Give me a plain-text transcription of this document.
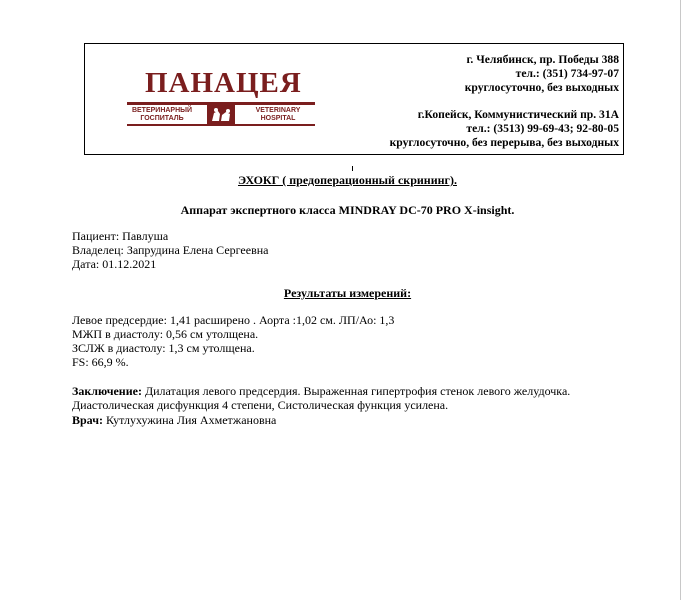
ПАНАЦЕЯ
ВЕТЕРИНАРНЫЙ
ГОСПИТАЛЬ
VETERINARY
HOSPITAL
г. Челябинск, пр. Победы 388
тел.: (351) 734-97-07
круглосуточно, без выходных
г.Копейск, Коммунистический пр. 31А
тел.: (3513) 99-69-43; 92-80-05
круглосуточно, без перерыва, без выходных
ЭХОКГ ( предоперационный скрининг).
Аппарат экспертного класса MINDRAY DC-70 PRO X-insight.
Пациент: Павлуша
Владелец: Запрудина Елена Сергеевна
Дата: 01.12.2021
Результаты измерений:
Левое предсердие: 1,41 расширено . Аорта :1,02 см. ЛП/Ао: 1,3
МЖП в диастолу: 0,56 см утолщена.
ЗСЛЖ в диастолу: 1,3 см утолщена.
FS: 66,9 %.
Заключение: Дилатация левого предсердия. Выраженная гипертрофия стенок левого желудочка.
Диастолическая дисфункция 4 степени, Систолическая функция усилена.
Врач: Кутлухужина Лия Ахметжановна
